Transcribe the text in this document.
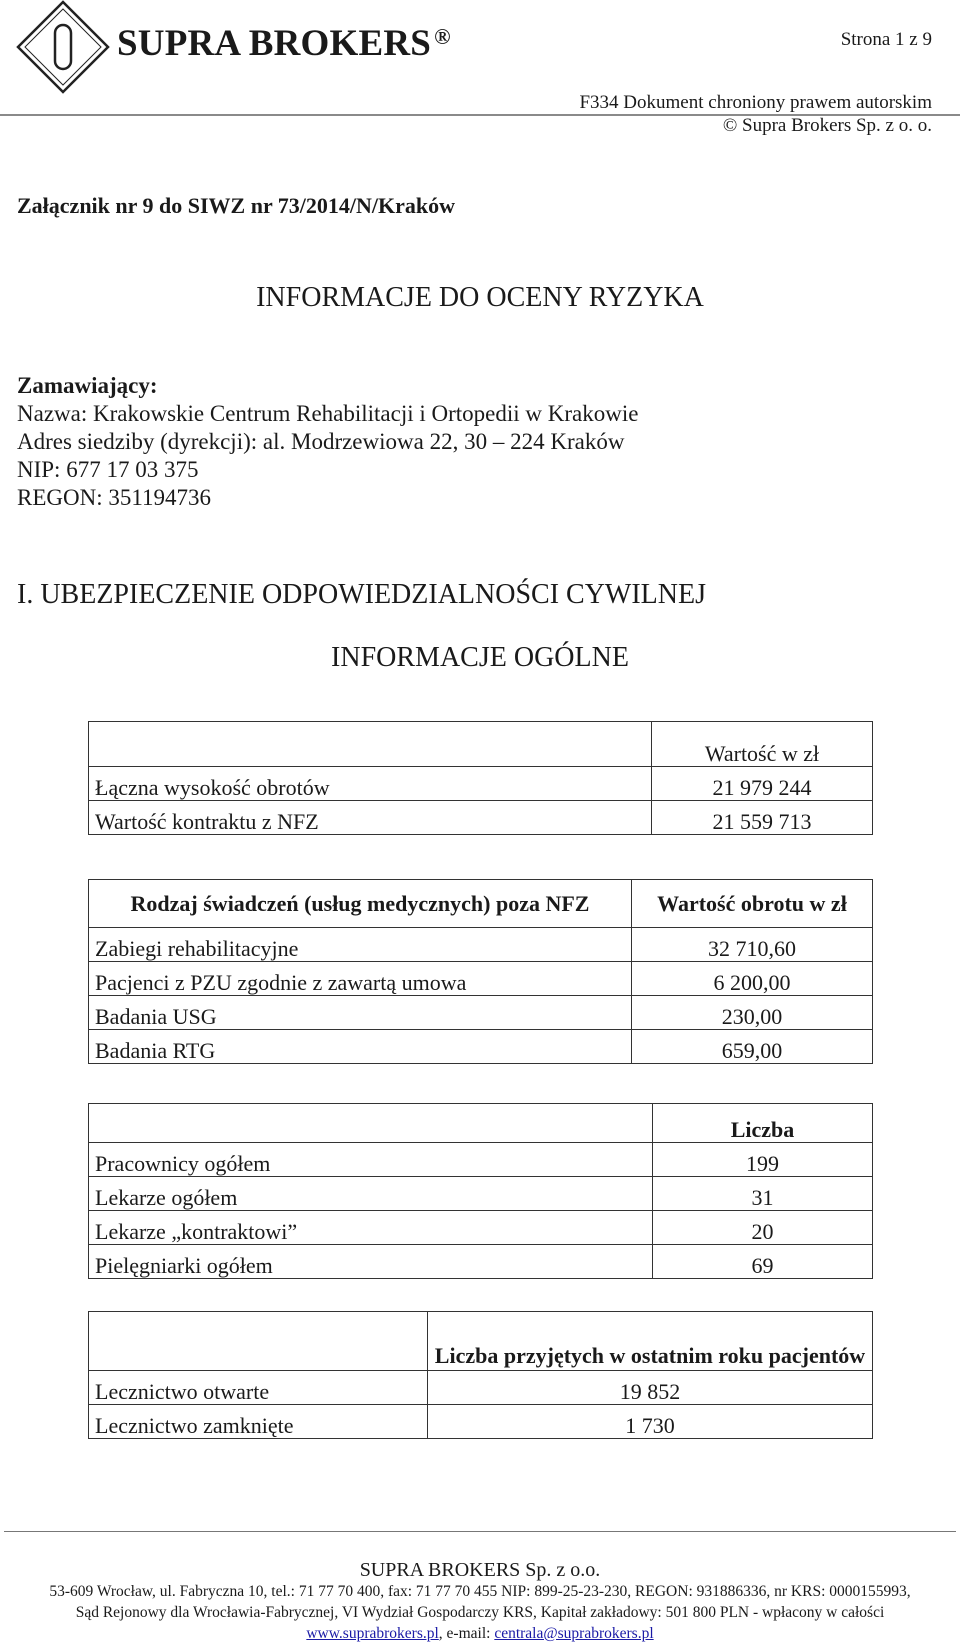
SUPRA BROKERS ®	Strona 1 z 9
F334 Dokument chroniony prawem autorskim
© Supra Brokers Sp. z o. o.
Załącznik nr 9 do SIWZ nr 73/2014/N/Kraków
INFORMACJE DO OCENY RYZYKA
Zamawiający:
Nazwa: Krakowskie Centrum Rehabilitacji i Ortopedii w Krakowie
Adres siedziby (dyrekcji): al. Modrzewiowa 22, 30 – 224 Kraków
NIP: 677 17 03 375
REGON: 351194736
I. UBEZPIECZENIE ODPOWIEDZIALNOŚCI CYWILNEJ
INFORMACJE OGÓLNE
	Wartość w zł
Łączna wysokość obrotów	21 979 244
Wartość kontraktu z NFZ	21 559 713
Rodzaj świadczeń (usług medycznych) poza NFZ	Wartość obrotu w zł
Zabiegi rehabilitacyjne	32 710,60
Pacjenci z PZU zgodnie z zawartą umowa	6 200,00
Badania USG	230,00
Badania RTG	659,00
	Liczba
Pracownicy ogółem	199
Lekarze ogółem	31
Lekarze „kontraktowi”	20
Pielęgniarki ogółem	69
	Liczba przyjętych w ostatnim roku pacjentów
Lecznictwo otwarte	19 852
Lecznictwo zamknięte	1 730
SUPRA BROKERS Sp. z o.o.
53-609 Wrocław, ul. Fabryczna 10, tel.: 71 77 70 400, fax: 71 77 70 455 NIP: 899-25-23-230, REGON: 931886336, nr KRS: 0000155993,
Sąd Rejonowy dla Wrocławia-Fabrycznej, VI Wydział Gospodarczy KRS, Kapitał zakładowy: 501 800 PLN - wpłacony w całości
www.suprabrokers.pl, e-mail: centrala@suprabrokers.pl
